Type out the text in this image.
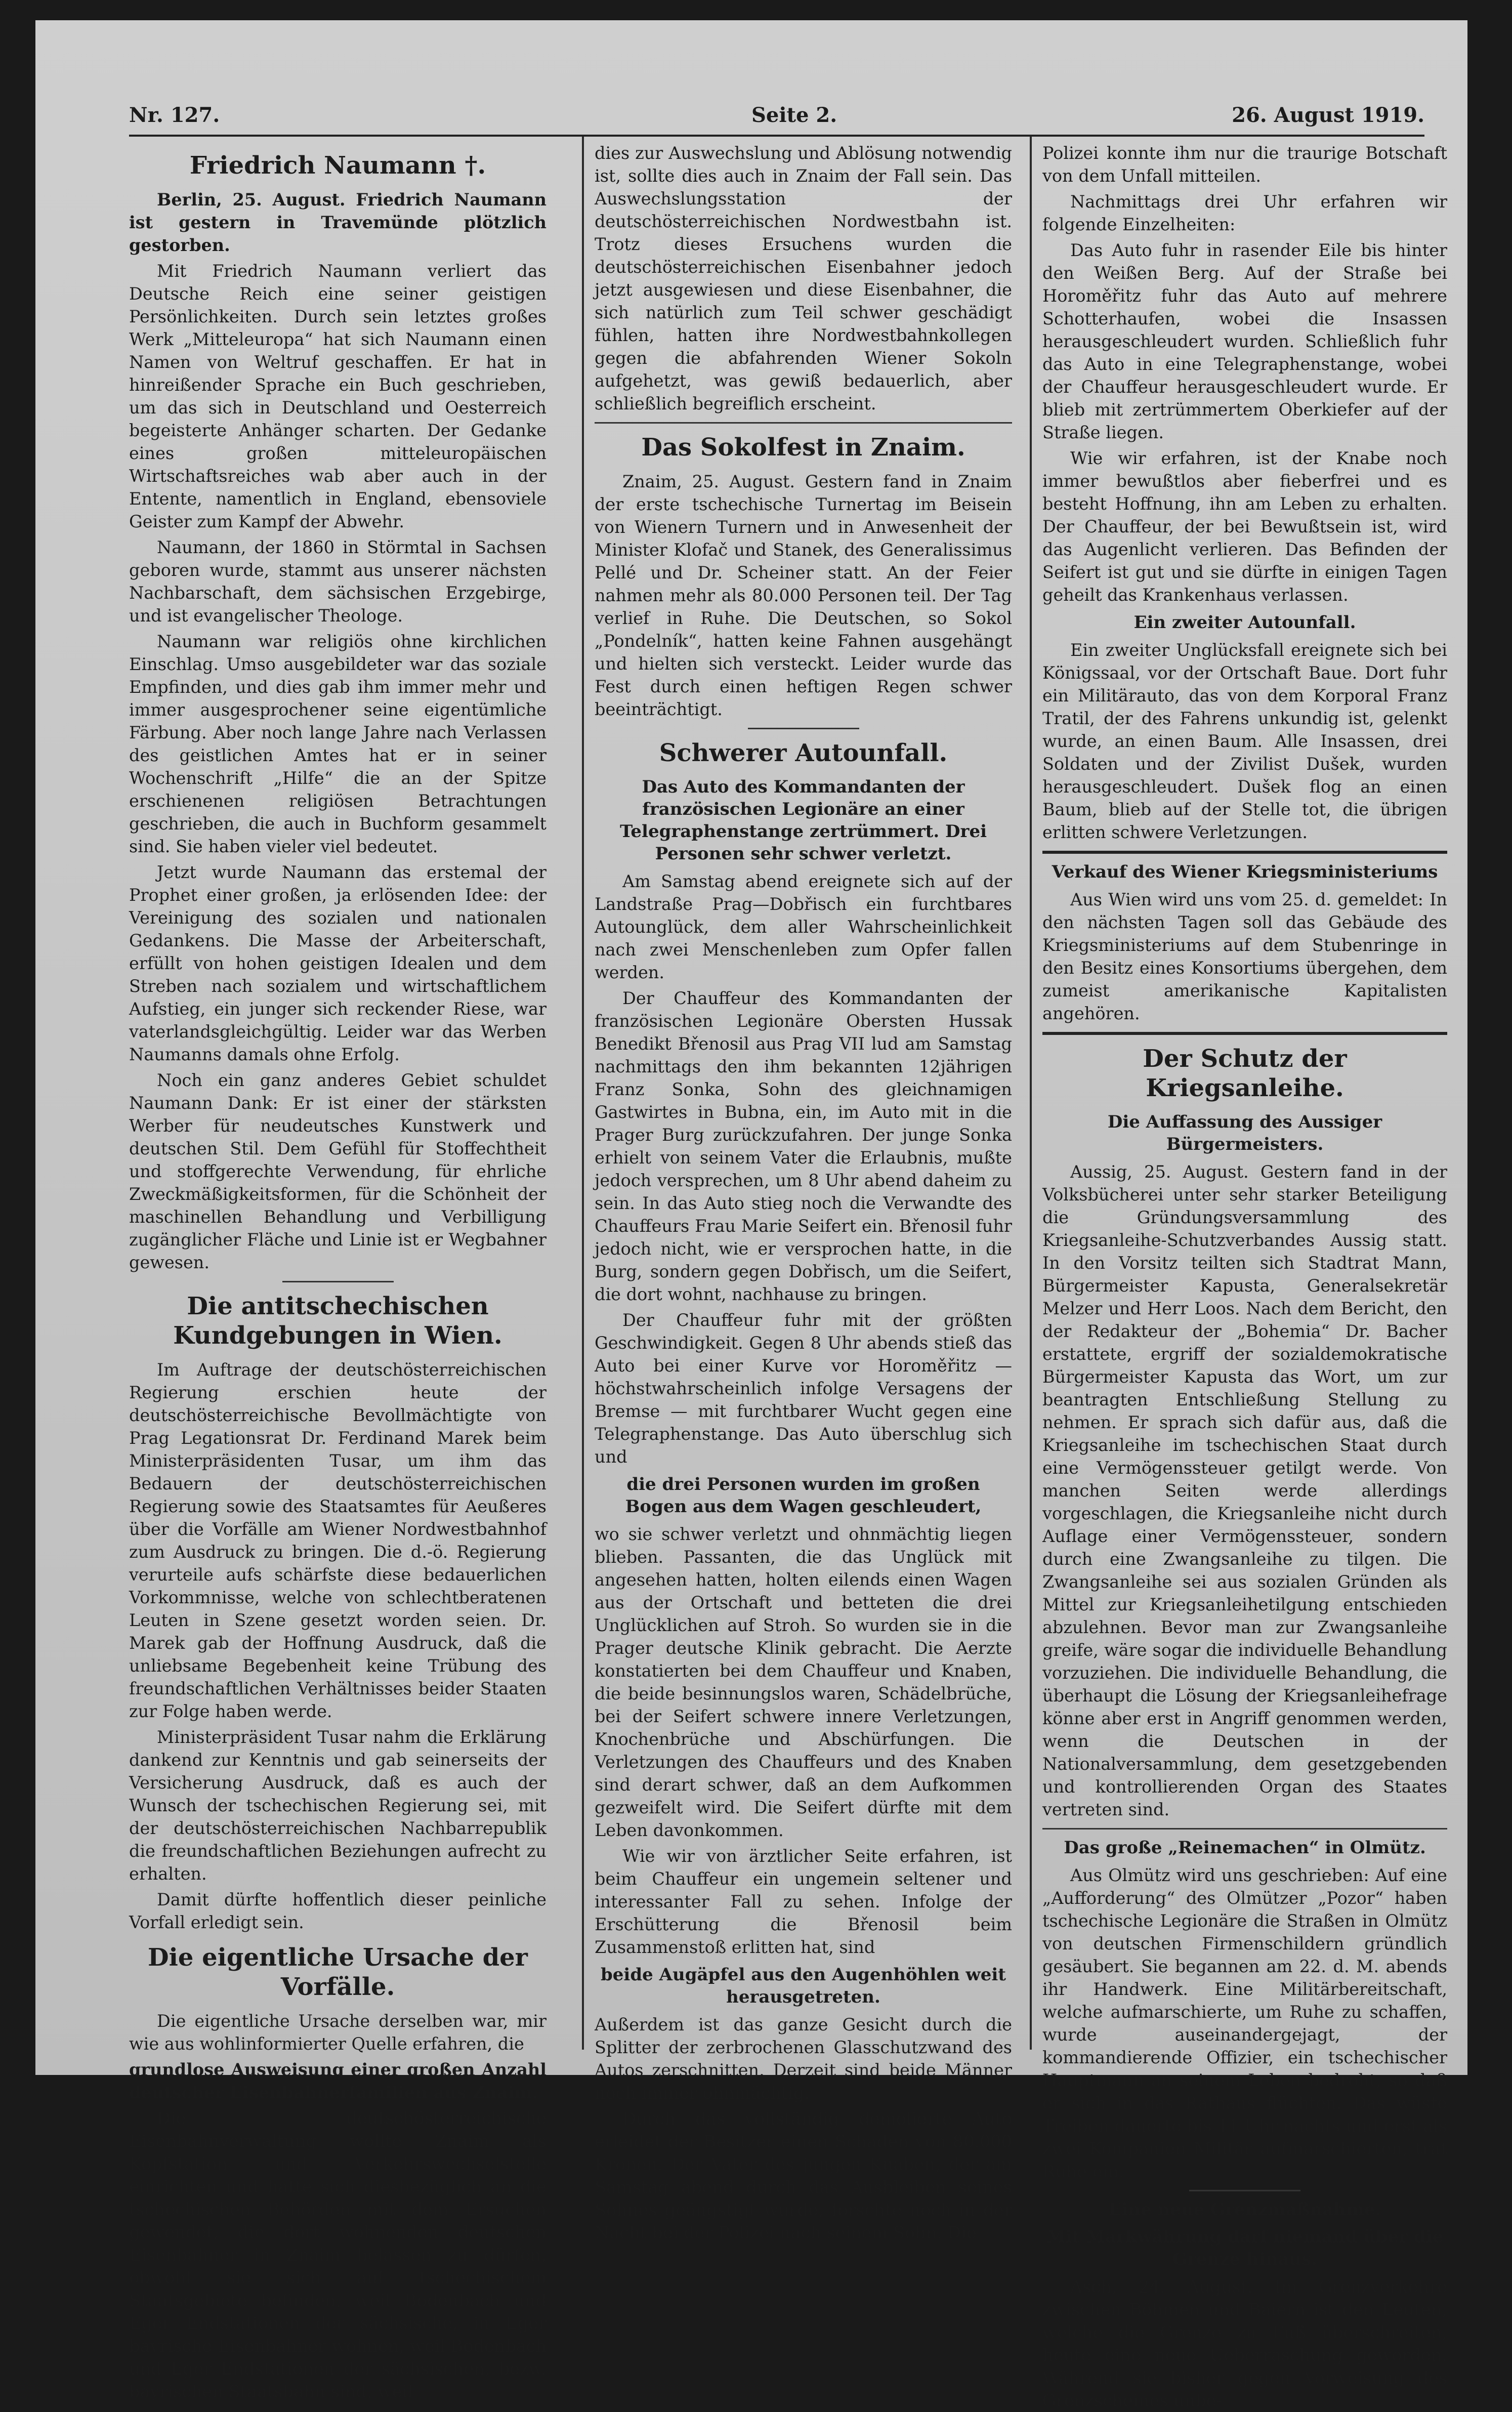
Nr. 127.	Seite 2.	26. August 1919.
Friedrich Naumann †.

Berlin, 25. August. Friedrich Naumann ist gestern in Travemünde plötzlich gestorben.

Mit Friedrich Naumann verliert das Deutsche Reich eine seiner geistigen Persönlichkeiten. Durch sein letztes großes Werk „Mitteleuropa“ hat sich Naumann einen Namen von Weltruf geschaffen. Er hat in hinreißender Sprache ein Buch geschrieben, um das sich in Deutschland und Oesterreich begeisterte Anhänger scharten. Der Gedanke eines großen mitteleuropäischen Wirtschaftsreiches wab aber auch in der Entente, namentlich in England, ebensoviele Geister zum Kampf der Abwehr.

Naumann, der 1860 in Störmtal in Sachsen geboren wurde, stammt aus unserer nächsten Nachbarschaft, dem sächsischen Erzgebirge, und ist evangelischer Theologe.

Naumann war religiös ohne kirchlichen Einschlag. Umso ausgebildeter war das soziale Empfinden, und dies gab ihm immer mehr und immer ausgesprochener seine eigentümliche Färbung. Aber noch lange Jahre nach Verlassen des geistlichen Amtes hat er in seiner Wochenschrift „Hilfe“ die an der Spitze erschienenen religiösen Betrachtungen geschrieben, die auch in Buchform gesammelt sind. Sie haben vieler viel bedeutet.

Jetzt wurde Naumann das erstemal der Prophet einer großen, ja erlösenden Idee: der Vereinigung des sozialen und nationalen Gedankens. Die Masse der Arbeiterschaft, erfüllt von hohen geistigen Idealen und dem Streben nach sozialem und wirtschaftlichem Aufstieg, ein junger sich reckender Riese, war vaterlandsgleichgültig. Leider war das Werben Naumanns damals ohne Erfolg.

Noch ein ganz anderes Gebiet schuldet Naumann Dank: Er ist einer der stärksten Werber für neudeutsches Kunstwerk und deutschen Stil. Dem Gefühl für Stoffechtheit und stoffgerechte Verwendung, für ehrliche Zweckmäßigkeitsformen, für die Schönheit der maschinellen Behandlung und Verbilligung zugänglicher Fläche und Linie ist er Wegbahner gewesen.

Die antitschechischen Kundgebungen in Wien.

Im Auftrage der deutschösterreichischen Regierung erschien heute der deutschösterreichische Bevollmächtigte von Prag Legationsrat Dr. Ferdinand Marek beim Ministerpräsidenten Tusar, um ihm das Bedauern der deutschösterreichischen Regierung sowie des Staatsamtes für Aeußeres über die Vorfälle am Wiener Nordwestbahnhof zum Ausdruck zu bringen. Die d.-ö. Regierung verurteile aufs schärfste diese bedauerlichen Vorkommnisse, welche von schlechtberatenen Leuten in Szene gesetzt worden seien. Dr. Marek gab der Hoffnung Ausdruck, daß die unliebsame Begebenheit keine Trübung des freundschaftlichen Verhältnisses beider Staaten zur Folge haben werde.

Ministerpräsident Tusar nahm die Erklärung dankend zur Kenntnis und gab seinerseits der Versicherung Ausdruck, daß es auch der Wunsch der tschechischen Regierung sei, mit der deutschösterreichischen Nachbarrepublik die freundschaftlichen Beziehungen aufrecht zu erhalten.

Damit dürfte hoffentlich dieser peinliche Vorfall erledigt sein.

Die eigentliche Ursache der Vorfälle.

Die eigentliche Ursache derselben war, mir wie aus wohlinformierter Quelle erfahren, die

grundlose Ausweisung einer großen Anzahl deutscher Eisenbahnerfamilien aus Znaim.

Die deutschösterreichische Eisenbahnverwaltung wollte Znaim als Kopfstation und Verkehrswechselstelle einrichten und hatte sich diesbezüglich an die tschechischen Behörden mit dem Ersuchen gewendet, die dort wohnenden deutschen Eisenbahner in Znaim belassen zu dürfen, obwohl sie sich auf tschechischem Staatsgebiete befinden, weil Bodenbach und Eger Endstationen der sächsische, in Eger bayrische Eisenbahner wohnen, weil Bodenbach und Eger Endstationen der sächsischen, bezw. bayrischen Staatsbahn sind, weil

dies zur Auswechslung und Ablösung notwendig ist, sollte dies auch in Znaim der Fall sein. Das Auswechslungsstation der deutschösterreichischen Nordwestbahn ist. Trotz dieses Ersuchens wurden die deutschösterreichischen Eisenbahner jedoch jetzt ausgewiesen und diese Eisenbahner, die sich natürlich zum Teil schwer geschädigt fühlen, hatten ihre Nordwestbahnkollegen gegen die abfahrenden Wiener Sokoln aufgehetzt, was gewiß bedauerlich, aber schließlich begreiflich erscheint.

Das Sokolfest in Znaim.

Znaim, 25. August. Gestern fand in Znaim der erste tschechische Turnertag im Beisein von Wienern Turnern und in Anwesenheit der Minister Klofač und Stanek, des Generalissimus Pellé und Dr. Scheiner statt. An der Feier nahmen mehr als 80.000 Personen teil. Der Tag verlief in Ruhe. Die Deutschen, so Sokol „Pondelník“, hatten keine Fahnen ausgehängt und hielten sich versteckt. Leider wurde das Fest durch einen heftigen Regen schwer beeinträchtigt.

Schwerer Autounfall.
Das Auto des Kommandanten der französischen Legionäre an einer Telegraphenstange zertrümmert. Drei Personen sehr schwer verletzt.

Am Samstag abend ereignete sich auf der Landstraße Prag—Dobřisch ein furchtbares Autounglück, dem aller Wahrscheinlichkeit nach zwei Menschenleben zum Opfer fallen werden.

Der Chauffeur des Kommandanten der französischen Legionäre Obersten Hussak Benedikt Břenosil aus Prag VII lud am Samstag nachmittags den ihm bekannten 12jährigen Franz Sonka, Sohn des gleichnamigen Gastwirtes in Bubna, ein, im Auto mit in die Prager Burg zurückzufahren. Der junge Sonka erhielt von seinem Vater die Erlaubnis, mußte jedoch versprechen, um 8 Uhr abend daheim zu sein. In das Auto stieg noch die Verwandte des Chauffeurs Frau Marie Seifert ein. Břenosil fuhr jedoch nicht, wie er versprochen hatte, in die Burg, sondern gegen Dobřisch, um die Seifert, die dort wohnt, nachhause zu bringen.

Der Chauffeur fuhr mit der größten Geschwindigkeit. Gegen 8 Uhr abends stieß das Auto bei einer Kurve vor Horoměřitz — höchstwahrscheinlich infolge Versagens der Bremse — mit furchtbarer Wucht gegen eine Telegraphenstange. Das Auto überschlug sich und

die drei Personen wurden im großen Bogen aus dem Wagen geschleudert,

wo sie schwer verletzt und ohnmächtig liegen blieben. Passanten, die das Unglück mit angesehen hatten, holten eilends einen Wagen aus der Ortschaft und betteten die drei Unglücklichen auf Stroh. So wurden sie in die Prager deutsche Klinik gebracht. Die Aerzte konstatierten bei dem Chauffeur und Knaben, die beide besinnungslos waren, Schädelbrüche, bei der Seifert schwere innere Verletzungen, Knochenbrüche und Abschürfungen. Die Verletzungen des Chauffeurs und des Knaben sind derart schwer, daß an dem Aufkommen gezweifelt wird. Die Seifert dürfte mit dem Leben davonkommen.

Wie wir von ärztlicher Seite erfahren, ist beim Chauffeur ein ungemein seltener und interessanter Fall zu sehen. Infolge der Erschütterung die Břenosil beim Zusammenstoß erlitten hat, sind

beide Augäpfel aus den Augenhöhlen weit herausgetreten.

Außerdem ist das ganze Gesicht durch die Splitter der zerbrochenen Glasschutzwand des Autos zerschnitten. Derzeit sind beide Männer noch immer ohnmächtig.

Durch das vollständig demolierte Auto erleidet der Besitzer einen Schaden von 80.000 Kronen. Der Vater des jungen Knaben, der am Samstag abend durch das Ausbleiben seines Sohnes geängstigt wurde, forschte noch in der Nacht bei der Polizei nach seinem Sohn. Die

Polizei konnte ihm nur die traurige Botschaft von dem Unfall mitteilen.

Nachmittags drei Uhr erfahren wir folgende Einzelheiten:

Das Auto fuhr in rasender Eile bis hinter den Weißen Berg. Auf der Straße bei Horoměřitz fuhr das Auto auf mehrere Schotterhaufen, wobei die Insassen herausgeschleudert wurden. Schließlich fuhr das Auto in eine Telegraphenstange, wobei der Chauffeur herausgeschleudert wurde. Er blieb mit zertrümmertem Oberkiefer auf der Straße liegen.

Wie wir erfahren, ist der Knabe noch immer bewußtlos aber fieberfrei und es besteht Hoffnung, ihn am Leben zu erhalten. Der Chauffeur, der bei Bewußtsein ist, wird das Augenlicht verlieren. Das Befinden der Seifert ist gut und sie dürfte in einigen Tagen geheilt das Krankenhaus verlassen.

Ein zweiter Autounfall.

Ein zweiter Unglücksfall ereignete sich bei Königssaal, vor der Ortschaft Baue. Dort fuhr ein Militärauto, das von dem Korporal Franz Tratil, der des Fahrens unkundig ist, gelenkt wurde, an einen Baum. Alle Insassen, drei Soldaten und der Zivilist Dušek, wurden herausgeschleudert. Dušek flog an einen Baum, blieb auf der Stelle tot, die übrigen erlitten schwere Verletzungen.

Verkauf des Wiener Kriegsministeriums

Aus Wien wird uns vom 25. d. gemeldet: In den nächsten Tagen soll das Gebäude des Kriegsministeriums auf dem Stubenringe in den Besitz eines Konsortiums übergehen, dem zumeist amerikanische Kapitalisten angehören.

Der Schutz der Kriegsanleihe.
Die Auffassung des Aussiger Bürgermeisters.

Aussig, 25. August. Gestern fand in der Volksbücherei unter sehr starker Beteiligung die Gründungsversammlung des Kriegsanleihe-Schutzverbandes Aussig statt. In den Vorsitz teilten sich Stadtrat Mann, Bürgermeister Kapusta, Generalsekretär Melzer und Herr Loos. Nach dem Bericht, den der Redakteur der „Bohemia“ Dr. Bacher erstattete, ergriff der sozialdemokratische Bürgermeister Kapusta das Wort, um zur beantragten Entschließung Stellung zu nehmen. Er sprach sich dafür aus, daß die Kriegsanleihe im tschechischen Staat durch eine Vermögenssteuer getilgt werde. Von manchen Seiten werde allerdings vorgeschlagen, die Kriegsanleihe nicht durch Auflage einer Vermögenssteuer, sondern durch eine Zwangsanleihe zu tilgen. Die Zwangsanleihe sei aus sozialen Gründen als Mittel zur Kriegsanleihetilgung entschieden abzulehnen. Bevor man zur Zwangsanleihe greife, wäre sogar die individuelle Behandlung vorzuziehen. Die individuelle Behandlung, die überhaupt die Lösung der Kriegsanleihefrage könne aber erst in Angriff genommen werden, wenn die Deutschen in der Nationalversammlung, dem gesetzgebenden und kontrollierenden Organ des Staates vertreten sind.

Das große „Reinemachen“ in Olmütz.

Aus Olmütz wird uns geschrieben: Auf eine „Aufforderung“ des Olmützer „Pozor“ haben tschechische Legionäre die Straßen in Olmütz von deutschen Firmenschildern gründlich gesäubert. Sie begannen am 22. d. M. abends ihr Handwerk. Eine Militärbereitschaft, welche aufmarschierte, um Ruhe zu schaffen, wurde auseinandergejagt, der kommandierende Offizier, ein tschechischer Hauptmann an seinem Leben bedroht, so daß er sich in das Rathaus flüchten. Das wüste Treiben dauerte bis 11 Uhr nachts und erst als zwei Kompanien Militär aufmarschierten, trat Ruhe ein.

Eine neue Grenzmaßnahme.
Mit Markwährung darf niemand über die Grenze hinaus.

Asch, 24. August. Im Grenzverkehre zwischen Böhmen und Baiern ist den Leuten, welche die Grenze zu Fuß überschreiten, heute eine neue Ueberraschung geworden. Während sie bisher gegen Vorweisung des Grenzscheines unbe-
